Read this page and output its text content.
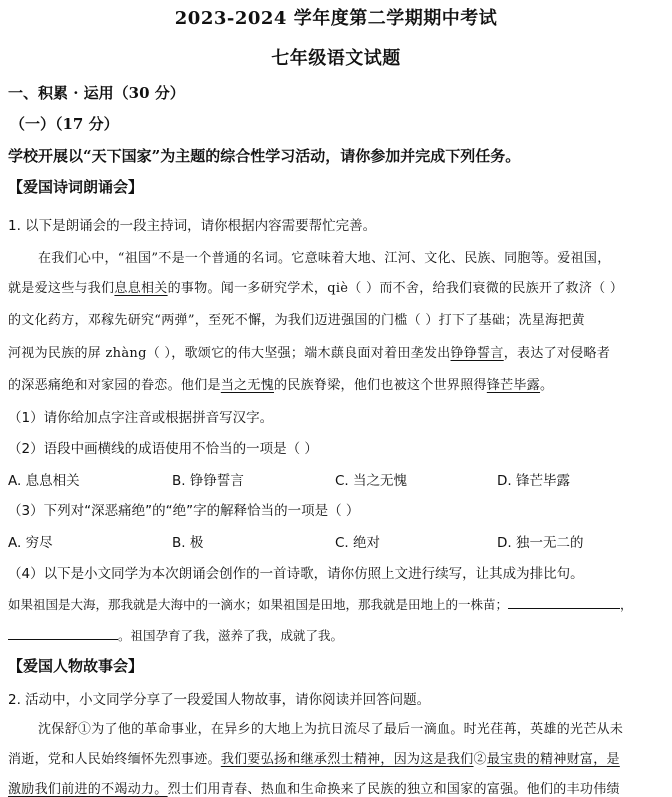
2023-2024 学年度第二学期期中考试
七年级语文试题
一、积累 · 运用（30 分）
（一）（17 分）
学校开展以“天下国家”为主题的综合性学习活动，请你参加并完成下列任务。
【爱国诗词朗诵会】
1. 以下是朗诵会的一段主持词，请你根据内容需要帮忙完善。
在我们心中，“祖国”不是一个普通的名词。它意味着大地、江河、文化、民族、同胞等。爱祖国，
就是爱这些与我们息息相关的事物。闻一多研究学术，qiè（ ）而不舍，给我们衰微的民族开了救济（ ）
的文化药方，邓稼先研究“两弹”，至死不懈，为我们迈进强国的门槛（ ）打下了基础；冼星海把黄
河视为民族的屏 zhàng（ ），歌颂它的伟大坚强；端木蕻良面对着田垄发出铮铮誓言，表达了对侵略者
的深恶痛绝和对家园的眷恋。他们是当之无愧的民族脊梁，他们也被这个世界照得锋芒毕露。
（1）请你给加点字注音或根据拼音写汉字。
（2）语段中画横线的成语使用不恰当的一项是（ ）
A. 息息相关	B. 铮铮誓言	C. 当之无愧	D. 锋芒毕露
（3）下列对“深恶痛绝”的“绝”字的解释恰当的一项是（ ）
A. 穷尽	B. 极	C. 绝对	D. 独一无二的
（4）以下是小文同学为本次朗诵会创作的一首诗歌，请你仿照上文进行续写，让其成为排比句。
如果祖国是大海，那我就是大海中的一滴水；如果祖国是田地，那我就是田地上的一株苗；	，
。祖国孕育了我，滋养了我，成就了我。
【爱国人物故事会】
2. 活动中，小文同学分享了一段爱国人物故事，请你阅读并回答问题。
沈保舒①为了他的革命事业，在异乡的大地上为抗日流尽了最后一滴血。时光荏苒，英雄的光芒从未
消逝，党和人民始终缅怀先烈事迹。我们要弘扬和继承烈士精神，因为这是我们②最宝贵的精神财富，是
激励我们前进的不竭动力。烈士们用青春、热血和生命换来了民族的独立和国家的富强。他们的丰功伟绩
